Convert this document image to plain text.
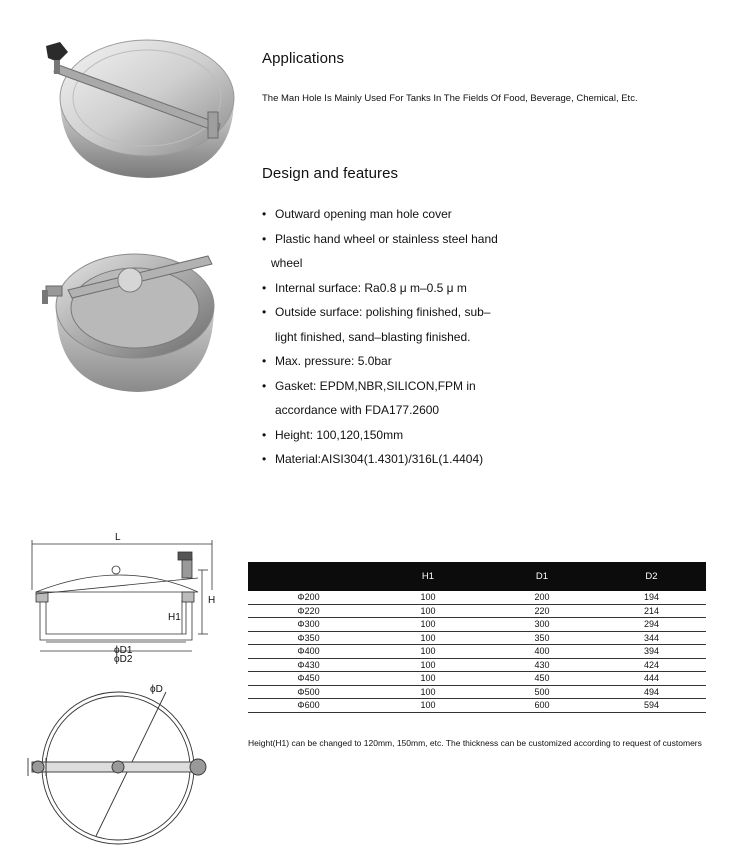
Applications
The Man Hole Is Mainly Used For Tanks In The Fields Of Food, Beverage, Chemical, Etc.
Design and features
• Outward opening man hole cover
• Plastic hand wheel or stainless steel hand
wheel
• Internal surface: Ra0.8 μ m–0.5 μ m
• Outside surface: polishing finished, sub–
light finished, sand–blasting finished.
• Max. pressure: 5.0bar
• Gasket: EPDM,NBR,SILICON,FPM in
accordance with FDA177.2600
• Height: 100,120,150mm
• Material:AISI304(1.4301)/316L(1.4404)
L
H
H1
ϕD1
ϕD2
ϕD
	H1	D1	D2
Φ200	100	200	194
Φ220	100	220	214
Φ300	100	300	294
Φ350	100	350	344
Φ400	100	400	394
Φ430	100	430	424
Φ450	100	450	444
Φ500	100	500	494
Φ600	100	600	594
Height(H1) can be changed to 120mm, 150mm, etc. The thickness can be customized according to request of customers
